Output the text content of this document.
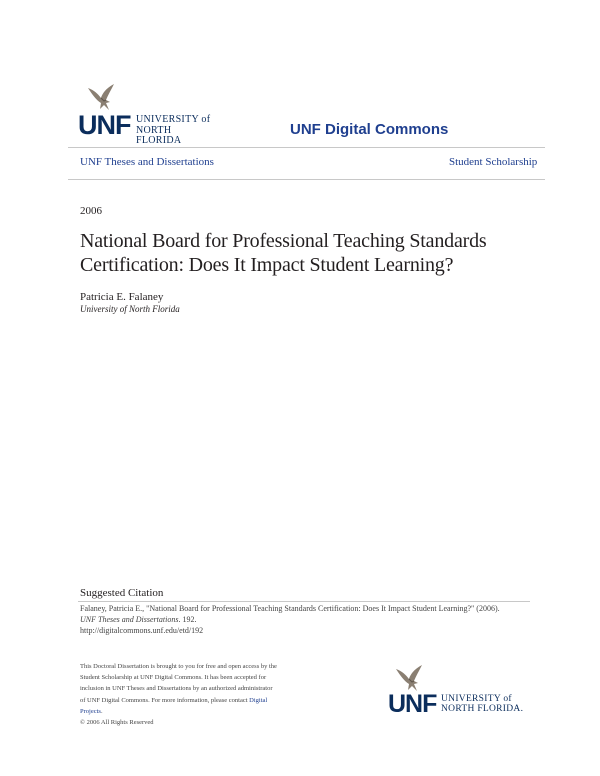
UNF UNIVERSITY of
NORTH FLORIDA
UNF Digital Commons
UNF Theses and Dissertations	Student Scholarship
2006
National Board for Professional Teaching Standards
Certification: Does It Impact Student Learning?
Patricia E. Falaney
University of North Florida
Suggested Citation
Falaney, Patricia E., "National Board for Professional Teaching Standards Certification: Does It Impact Student Learning?" (2006).
UNF Theses and Dissertations. 192.
http://digitalcommons.unf.edu/etd/192
This Doctoral Dissertation is brought to you for free and open access by the
Student Scholarship at UNF Digital Commons. It has been accepted for
inclusion in UNF Theses and Dissertations by an authorized administrator
of UNF Digital Commons. For more information, please contact Digital
Projects.
© 2006 All Rights Reserved
UNF UNIVERSITY of
NORTH FLORIDA.
